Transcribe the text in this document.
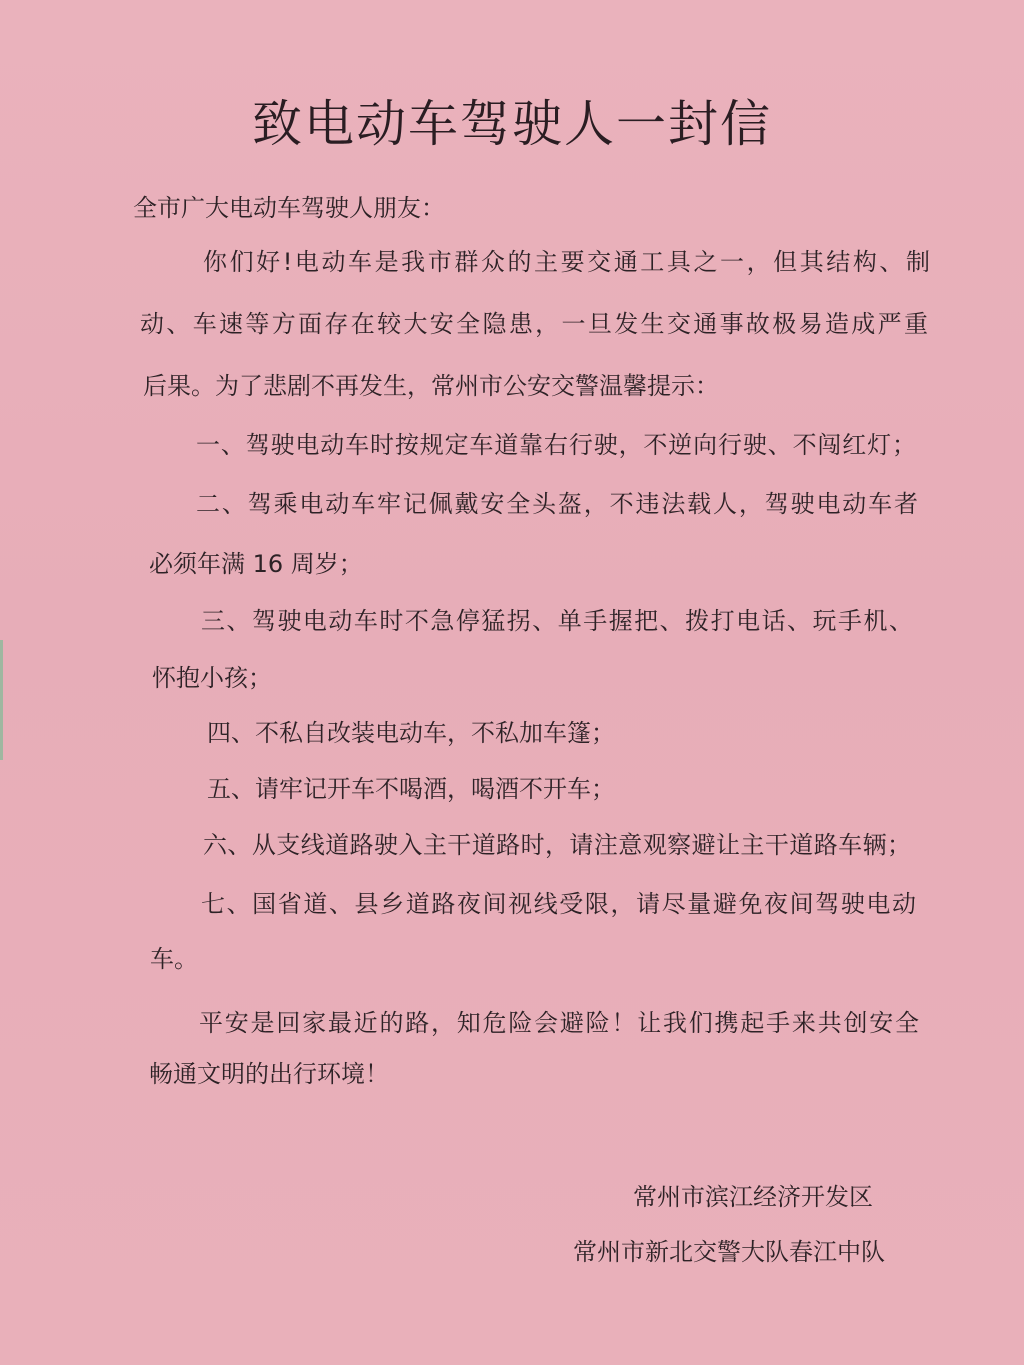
致电动车驾驶人一封信
全市广大电动车驾驶人朋友：
你们好!电动车是我市群众的主要交通工具之一，但其结构、制
动、车速等方面存在较大安全隐患，一旦发生交通事故极易造成严重
后果。为了悲剧不再发生，常州市公安交警温馨提示：
一、驾驶电动车时按规定车道靠右行驶，不逆向行驶、不闯红灯；
二、驾乘电动车牢记佩戴安全头盔，不违法载人，驾驶电动车者
必须年满 16 周岁；
三、驾驶电动车时不急停猛拐、单手握把、拨打电话、玩手机、
怀抱小孩；
四、不私自改装电动车，不私加车篷；
五、请牢记开车不喝酒，喝酒不开车；
六、从支线道路驶入主干道路时，请注意观察避让主干道路车辆；
七、国省道、县乡道路夜间视线受限，请尽量避免夜间驾驶电动
车。
平安是回家最近的路，知危险会避险！让我们携起手来共创安全
畅通文明的出行环境！
常州市滨江经济开发区
常州市新北交警大队春江中队
